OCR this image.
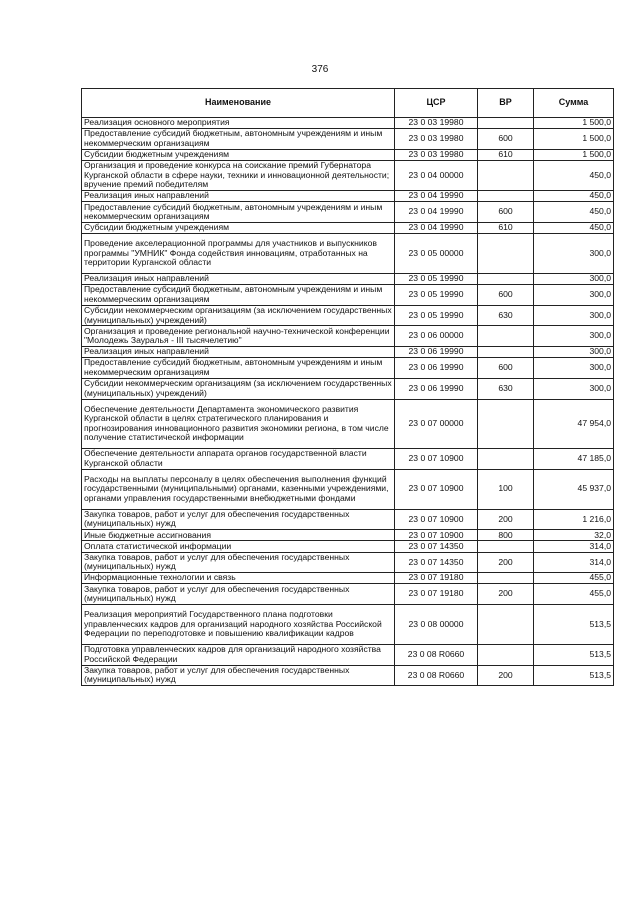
376
Наименование	ЦСР	ВР	Сумма
Реализация основного мероприятия	23 0 03 19980		1 500,0
Предоставление субсидий бюджетным, автономным учреждениям и иным некоммерческим организациям	23 0 03 19980	600	1 500,0
Субсидии бюджетным учреждениям	23 0 03 19980	610	1 500,0
Организация и проведение конкурса на соискание премий Губернатора Курганской области в сфере науки, техники и инновационной деятельности; вручение премий победителям	23 0 04 00000		450,0
Реализация иных направлений	23 0 04 19990		450,0
Предоставление субсидий бюджетным, автономным учреждениям и иным некоммерческим организациям	23 0 04 19990	600	450,0
Субсидии бюджетным учреждениям	23 0 04 19990	610	450,0
Проведение акселерационной программы для участников и выпускников программы "УМНИК" Фонда содействия инновациям, отработанных на территории Курганской области	23 0 05 00000		300,0
Реализация иных направлений	23 0 05 19990		300,0
Предоставление субсидий бюджетным, автономным учреждениям и иным некоммерческим организациям	23 0 05 19990	600	300,0
Субсидии некоммерческим организациям (за исключением государственных (муниципальных) учреждений)	23 0 05 19990	630	300,0
Организация и проведение региональной научно-технической конференции "Молодежь Зауралья - III тысячелетию"	23 0 06 00000		300,0
Реализация иных направлений	23 0 06 19990		300,0
Предоставление субсидий бюджетным, автономным учреждениям и иным некоммерческим организациям	23 0 06 19990	600	300,0
Субсидии некоммерческим организациям (за исключением государственных (муниципальных) учреждений)	23 0 06 19990	630	300,0
Обеспечение деятельности Департамента экономического развития Курганской области в целях стратегического планирования и прогнозирования инновационного развития экономики региона, в том числе получение статистической информации	23 0 07 00000		47 954,0
Обеспечение деятельности аппарата органов государственной власти Курганской области	23 0 07 10900		47 185,0
Расходы на выплаты персоналу в целях обеспечения выполнения функций государственными (муниципальными) органами, казенными учреждениями, органами управления государственными внебюджетными фондами	23 0 07 10900	100	45 937,0
Закупка товаров, работ и услуг для обеспечения государственных (муниципальных) нужд	23 0 07 10900	200	1 216,0
Иные бюджетные ассигнования	23 0 07 10900	800	32,0
Оплата статистической информации	23 0 07 14350		314,0
Закупка товаров, работ и услуг для обеспечения государственных (муниципальных) нужд	23 0 07 14350	200	314,0
Информационные технологии и связь	23 0 07 19180		455,0
Закупка товаров, работ и услуг для обеспечения государственных (муниципальных) нужд	23 0 07 19180	200	455,0
Реализация мероприятий Государственного плана подготовки управленческих кадров для организаций народного хозяйства Российской Федерации по переподготовке и повышению квалификации кадров	23 0 08 00000		513,5
Подготовка управленческих кадров для организаций народного хозяйства Российской Федерации	23 0 08 R0660		513,5
Закупка товаров, работ и услуг для обеспечения государственных (муниципальных) нужд	23 0 08 R0660	200	513,5
